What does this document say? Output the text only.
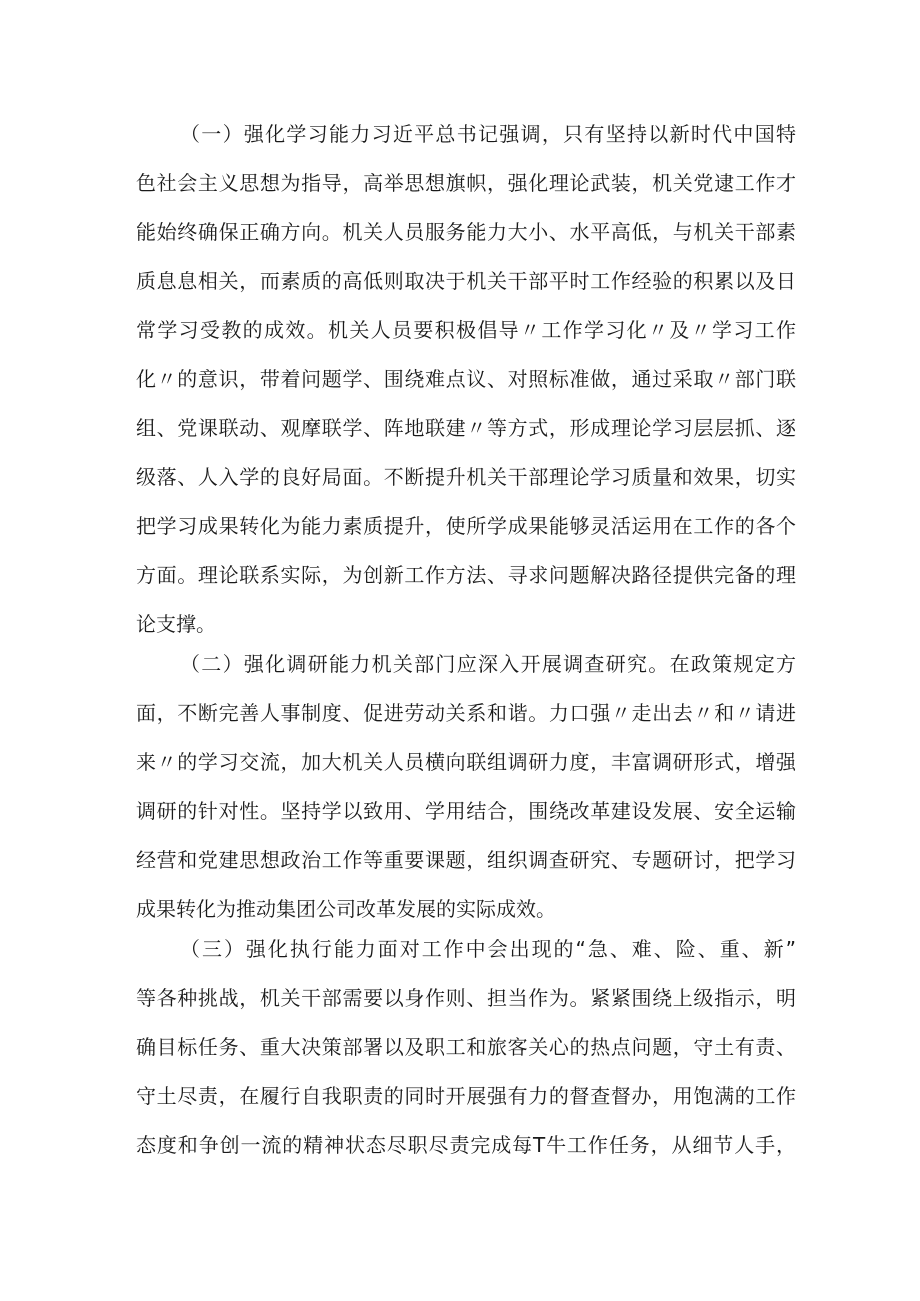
（一）强化学习能力习近平总书记强调，只有坚持以新时代中国特
色社会主义思想为指导，高举思想旗帜，强化理论武装，机关党逮工作才
能始终确保正确方向。机关人员服务能力大小、水平高低，与机关干部素
质息息相关，而素质的高低则取决于机关干部平时工作经验的积累以及日
常学习受教的成效。机关人员要积极倡导〃工作学习化〃及〃学习工作
化〃的意识，带着问题学、围绕难点议、对照标准做，通过采取〃部门联
组、党课联动、观摩联学、阵地联建〃等方式，形成理论学习层层抓、逐
级落、人入学的良好局面。不断提升机关干部理论学习质量和效果，切实
把学习成果转化为能力素质提升，使所学成果能够灵活运用在工作的各个
方面。理论联系实际，为创新工作方法、寻求问题解决路径提供完备的理
论支撑。
（二）强化调研能力机关部门应深入开展调查研究。在政策规定方
面，不断完善人事制度、促进劳动关系和谐。力口强〃走出去〃和〃请进
来〃的学习交流，加大机关人员横向联组调研力度，丰富调研形式，增强
调研的针对性。坚持学以致用、学用结合，围绕改革建设发展、安全运输
经营和党建思想政治工作等重要课题，组织调查研究、专题研讨，把学习
成果转化为推动集团公司改革发展的实际成效。
（三）强化执行能力面对工作中会出现的“急、难、险、重、新”
等各种挑战，机关干部需要以身作则、担当作为。紧紧围绕上级指示，明
确目标任务、重大决策部署以及职工和旅客关心的热点问题，守土有责、
守土尽责，在履行自我职责的同时开展强有力的督查督办，用饱满的工作
态度和争创一流的精神状态尽职尽责完成每T牛工作任务，从细节人手，
